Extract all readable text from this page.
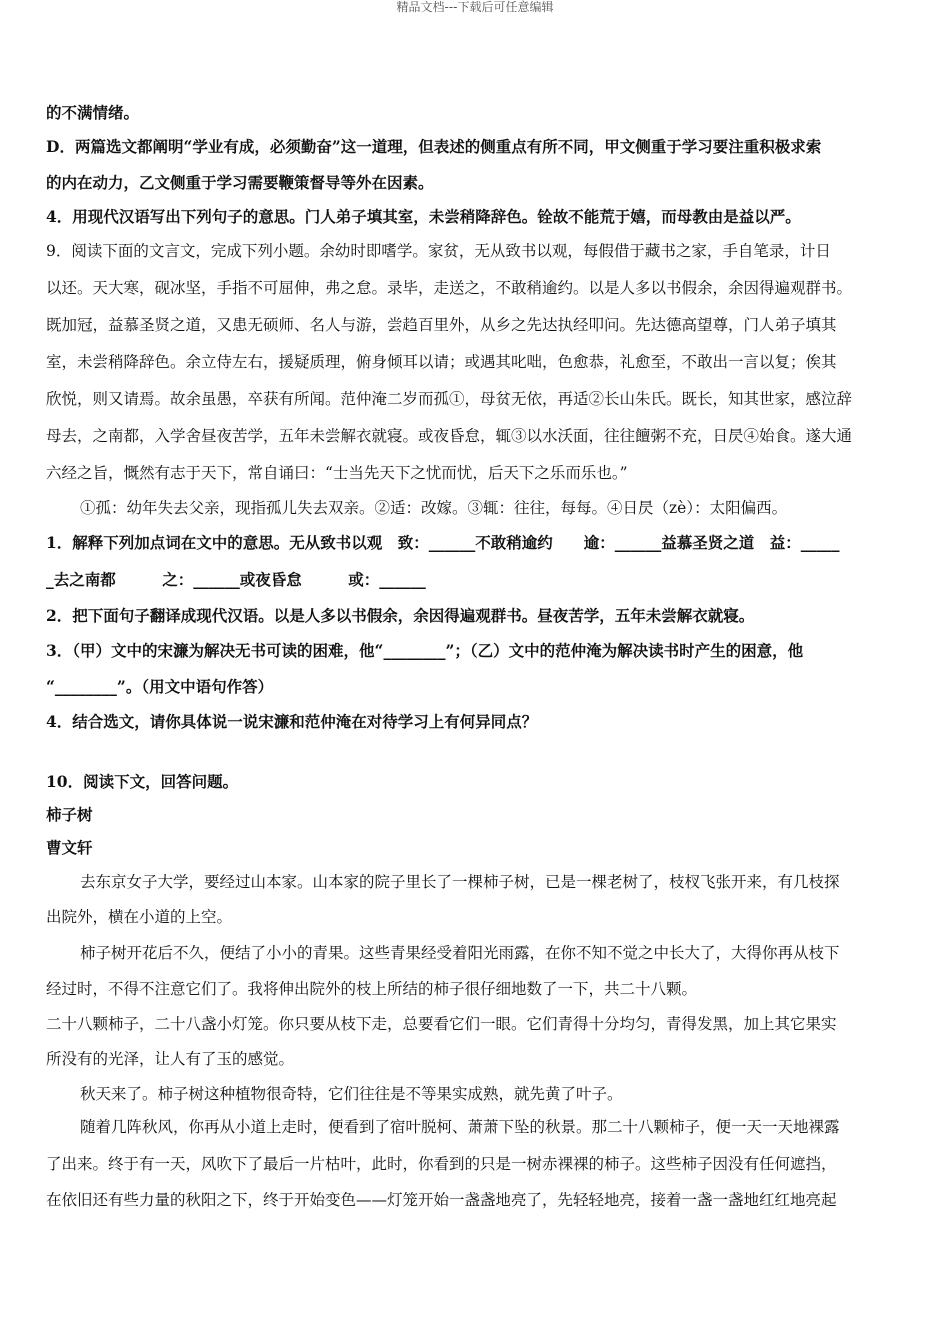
精品文档---下载后可任意编辑
的不满情绪。
D．两篇选文都阐明“学业有成，必须勤奋”这一道理，但表述的侧重点有所不同，甲文侧重于学习要注重积极求索
的内在动力，乙文侧重于学习需要鞭策督导等外在因素。
4．用现代汉语写出下列句子的意思。门人弟子填其室，未尝稍降辞色。铨故不能荒于嬉，而母教由是益以严。
9．阅读下面的文言文，完成下列小题。余幼时即嗜学。家贫，无从致书以观，每假借于藏书之家，手自笔录，计日
以还。天大寒，砚冰坚，手指不可屈伸，弗之怠。录毕，走送之，不敢稍逾约。以是人多以书假余，余因得遍观群书。
既加冠，益慕圣贤之道，又患无硕师、名人与游，尝趋百里外，从乡之先达执经叩问。先达德高望尊，门人弟子填其
室，未尝稍降辞色。余立侍左右，援疑质理，俯身倾耳以请；或遇其叱咄，色愈恭，礼愈至，不敢出一言以复；俟其
欣悦，则又请焉。故余虽愚，卒获有所闻。范仲淹二岁而孤①，母贫无依，再适②长山朱氏。既长，知其世家，感泣辞
母去，之南都，入学舍昼夜苦学，五年未尝解衣就寝。或夜昏怠，辄③以水沃面，往往饘粥不充，日昃④始食。遂大通
六经之旨，慨然有志于天下，常自诵曰：“士当先天下之忧而忧，后天下之乐而乐也。”
①孤：幼年失去父亲，现指孤儿失去双亲。②适：改嫁。③辄：往往，每每。④日昃（zè）：太阳偏西。
1．解释下列加点词在文中的意思。无从致书以观　致：______不敢稍逾约　　逾：______益慕圣贤之道　益：_____
_去之南都　　　之：______或夜昏怠　　　或：______
2．把下面句子翻译成现代汉语。以是人多以书假余，余因得遍观群书。昼夜苦学，五年未尝解衣就寝。
3．（甲）文中的宋濂为解决无书可读的困难，他“________”；（乙）文中的范仲淹为解决读书时产生的困意，他
“________”。（用文中语句作答）
4．结合选文，请你具体说一说宋濂和范仲淹在对待学习上有何异同点？
10．阅读下文，回答问题。
柿子树
曹文轩
去东京女子大学，要经过山本家。山本家的院子里长了一棵柿子树，已是一棵老树了，枝杈飞张开来，有几枝探
出院外，横在小道的上空。
柿子树开花后不久，便结了小小的青果。这些青果经受着阳光雨露，在你不知不觉之中长大了，大得你再从枝下
经过时，不得不注意它们了。我将伸出院外的枝上所结的柿子很仔细地数了一下，共二十八颗。
二十八颗柿子，二十八盏小灯笼。你只要从枝下走，总要看它们一眼。它们青得十分均匀，青得发黑，加上其它果实
所没有的光泽，让人有了玉的感觉。
秋天来了。柿子树这种植物很奇特，它们往往是不等果实成熟，就先黄了叶子。
随着几阵秋风，你再从小道上走时，便看到了宿叶脱柯、萧萧下坠的秋景。那二十八颗柿子，便一天一天地裸露
了出来。终于有一天，风吹下了最后一片枯叶，此时，你看到的只是一树赤裸裸的柿子。这些柿子因没有任何遮挡，
在依旧还有些力量的秋阳之下，终于开始变色——灯笼开始一盏盏地亮了，先轻轻地亮，接着一盏一盏地红红地亮起
